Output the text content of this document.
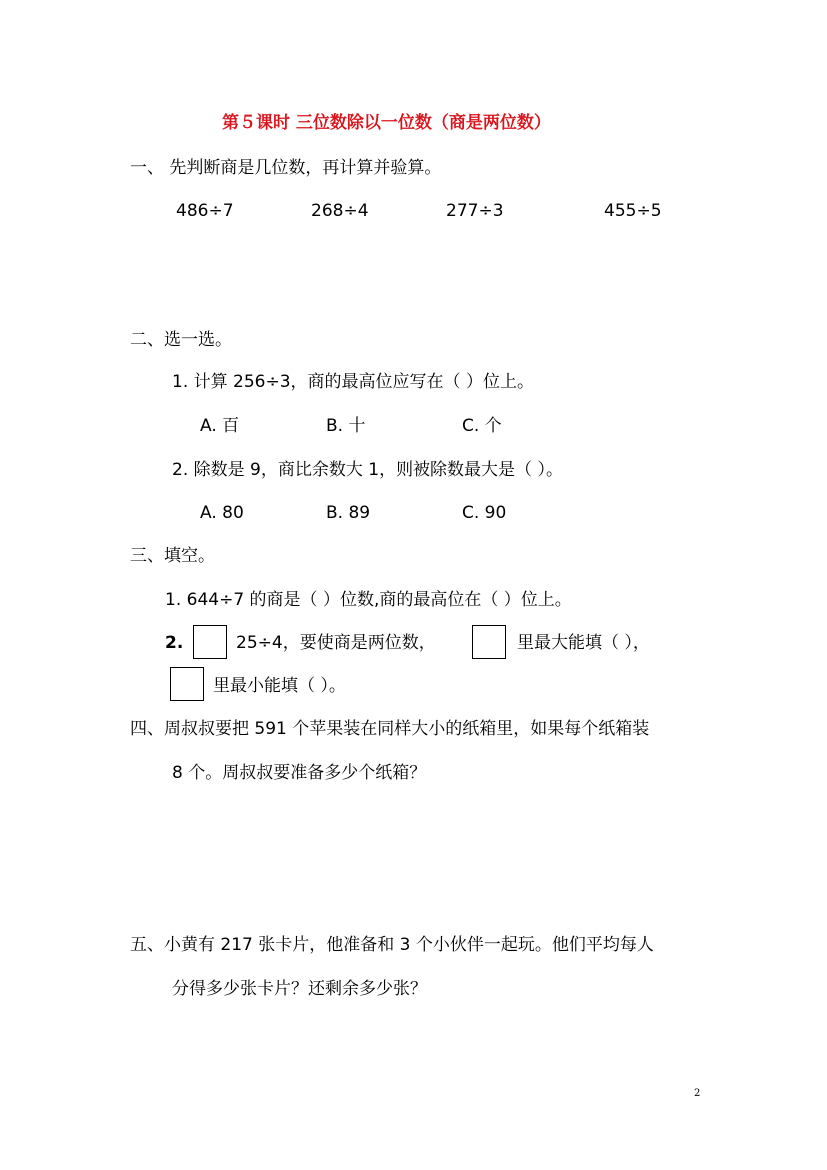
第５课时 三位数除以一位数（商是两位数）
一、 先判断商是几位数，再计算并验算。
486÷7	268÷4	277÷3	455÷5
二、选一选。
1. 计算 256÷3，商的最高位应写在（ ）位上。
A. 百	B. 十	C. 个
2. 除数是 9，商比余数大 1，则被除数最大是（ ）。
A. 80	B. 89	C. 90
三、填空。
1. 644÷7 的商是（ ）位数,商的最高位在（ ）位上。
2.	25÷4，要使商是两位数，	里最大能填（ ），
里最小能填（ ）。
四、周叔叔要把 591 个苹果装在同样大小的纸箱里，如果每个纸箱装
8 个。周叔叔要准备多少个纸箱？
五、小黄有 217 张卡片，他准备和 3 个小伙伴一起玩。他们平均每人
分得多少张卡片？还剩余多少张？
2
